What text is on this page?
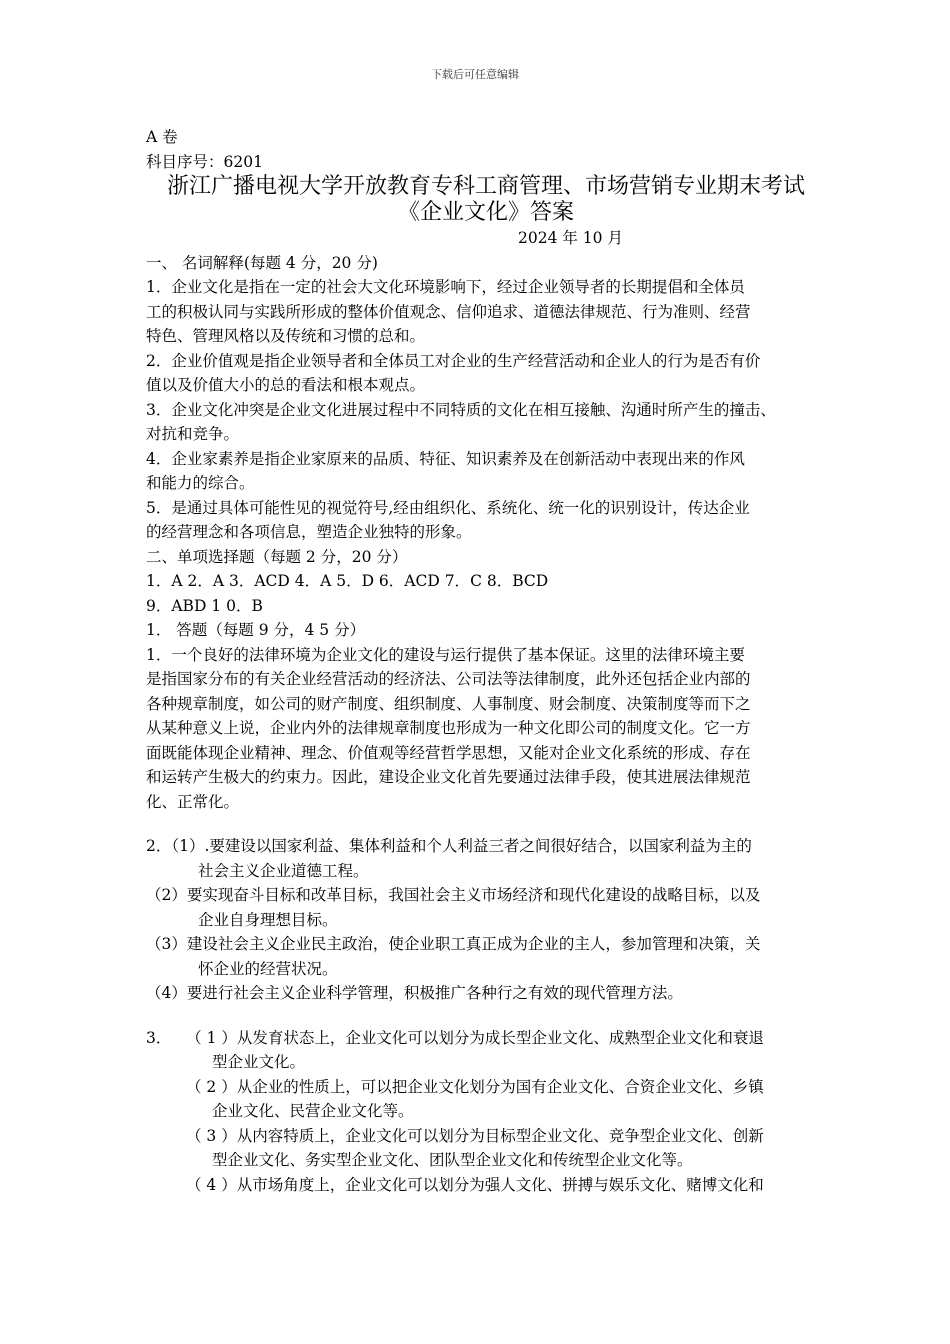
下载后可任意编辑
A 卷
科目序号：6201
浙江广播电视大学开放教育专科工商管理、市场营销专业期末考试
《企业文化》答案
2024 年 10 月
一、 名词解释(每题 4 分，20 分)
1．企业文化是指在一定的社会大文化环境影响下，经过企业领导者的长期提倡和全体员
工的积极认同与实践所形成的整体价值观念、信仰追求、道德法律规范、行为准则、经营
特色、管理风格以及传统和习惯的总和。
2．企业价值观是指企业领导者和全体员工对企业的生产经营活动和企业人的行为是否有价
值以及价值大小的总的看法和根本观点。
3．企业文化冲突是企业文化进展过程中不同特质的文化在相互接触、沟通时所产生的撞击、
对抗和竞争。
4．企业家素养是指企业家原来的品质、特征、知识素养及在创新活动中表现出来的作风
和能力的综合。
5．是通过具体可能性见的视觉符号,经由组织化、系统化、统一化的识别设计，传达企业
的经营理念和各项信息，塑造企业独特的形象。
二、单项选择题（每题 2 分，20 分）
1．A 2．A 3．ACD 4．A 5．D 6．ACD 7．C 8．BCD
9．ABD 1 0．B
1． 答题（每题 9 分，4 5 分）
1．一个良好的法律环境为企业文化的建设与运行提供了基本保证。这里的法律环境主要
是指国家分布的有关企业经营活动的经济法、公司法等法律制度，此外还包括企业内部的
各种规章制度，如公司的财产制度、组织制度、人事制度、财会制度、决策制度等而下之
从某种意义上说，企业内外的法律规章制度也形成为一种文化即公司的制度文化。它一方
面既能体现企业精神、理念、价值观等经营哲学思想，又能对企业文化系统的形成、存在
和运转产生极大的约束力。因此，建设企业文化首先要通过法律手段，使其进展法律规范
化、正常化。
2．（1）.要建设以国家利益、集体利益和个人利益三者之间很好结合，以国家利益为主的
社会主义企业道德工程。
（2）要实现奋斗目标和改革目标，我国社会主义市场经济和现代化建设的战略目标，以及
企业自身理想目标。
（3）建设社会主义企业民主政治，使企业职工真正成为企业的主人，参加管理和决策，关
怀企业的经营状况。
（4）要进行社会主义企业科学管理，积极推广各种行之有效的现代管理方法。
3． （ 1 ）从发育状态上，企业文化可以划分为成长型企业文化、成熟型企业文化和衰退
型企业文化。
（ 2 ）从企业的性质上，可以把企业文化划分为国有企业文化、合资企业文化、乡镇
企业文化、民营企业文化等。
（ 3 ）从内容特质上，企业文化可以划分为目标型企业文化、竞争型企业文化、创新
型企业文化、务实型企业文化、团队型企业文化和传统型企业文化等。
（ 4 ）从市场角度上，企业文化可以划分为强人文化、拼搏与娱乐文化、赌博文化和
